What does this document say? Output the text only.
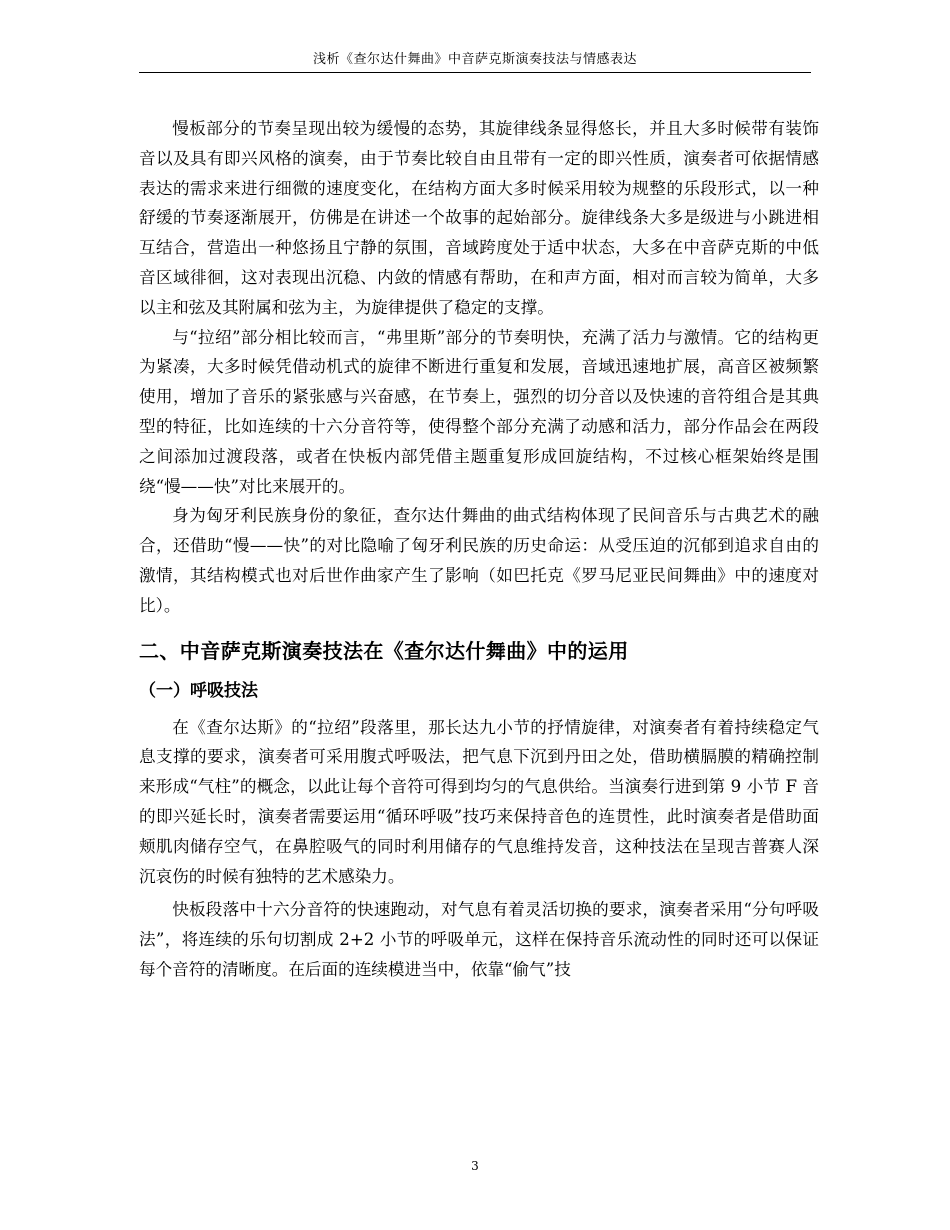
浅析《查尔达什舞曲》中音萨克斯演奏技法与情感表达

慢板部分的节奏呈现出较为缓慢的态势，其旋律线条显得悠长，并且大多时候带有装饰音以及具有即兴风格的演奏，由于节奏比较自由且带有一定的即兴性质，演奏者可依据情感表达的需求来进行细微的速度变化，在结构方面大多时候采用较为规整的乐段形式，以一种舒缓的节奏逐渐展开，仿佛是在讲述一个故事的起始部分。旋律线条大多是级进与小跳进相互结合，营造出一种悠扬且宁静的氛围，音域跨度处于适中状态，大多在中音萨克斯的中低音区域徘徊，这对表现出沉稳、内敛的情感有帮助，在和声方面，相对而言较为简单，大多以主和弦及其附属和弦为主，为旋律提供了稳定的支撑。

与“拉绍”部分相比较而言，“弗里斯”部分的节奏明快，充满了活力与激情。它的结构更为紧凑，大多时候凭借动机式的旋律不断进行重复和发展，音域迅速地扩展，高音区被频繁使用，增加了音乐的紧张感与兴奋感，在节奏上，强烈的切分音以及快速的音符组合是其典型的特征，比如连续的十六分音符等，使得整个部分充满了动感和活力，部分作品会在两段之间添加过渡段落，或者在快板内部凭借主题重复形成回旋结构，不过核心框架始终是围绕“慢——快”对比来展开的。

身为匈牙利民族身份的象征，查尔达什舞曲的曲式结构体现了民间音乐与古典艺术的融合，还借助“慢——快”的对比隐喻了匈牙利民族的历史命运：从受压迫的沉郁到追求自由的激情，其结构模式也对后世作曲家产生了影响（如巴托克《罗马尼亚民间舞曲》中的速度对比）。

二、中音萨克斯演奏技法在《查尔达什舞曲》中的运用
（一）呼吸技法

在《查尔达斯》的“拉绍”段落里，那长达九小节的抒情旋律，对演奏者有着持续稳定气息支撑的要求，演奏者可采用腹式呼吸法，把气息下沉到丹田之处，借助横膈膜的精确控制来形成“气柱”的概念，以此让每个音符可得到均匀的气息供给。当演奏行进到第 9 小节 F 音的即兴延长时，演奏者需要运用“循环呼吸”技巧来保持音色的连贯性，此时演奏者是借助面颊肌肉储存空气，在鼻腔吸气的同时利用储存的气息维持发音，这种技法在呈现吉普赛人深沉哀伤的时候有独特的艺术感染力。

快板段落中十六分音符的快速跑动，对气息有着灵活切换的要求，演奏者采用“分句呼吸法”，将连续的乐句切割成 2+2 小节的呼吸单元，这样在保持音乐流动性的同时还可以保证每个音符的清晰度。在后面的连续模进当中，依靠“偷气”技

3
